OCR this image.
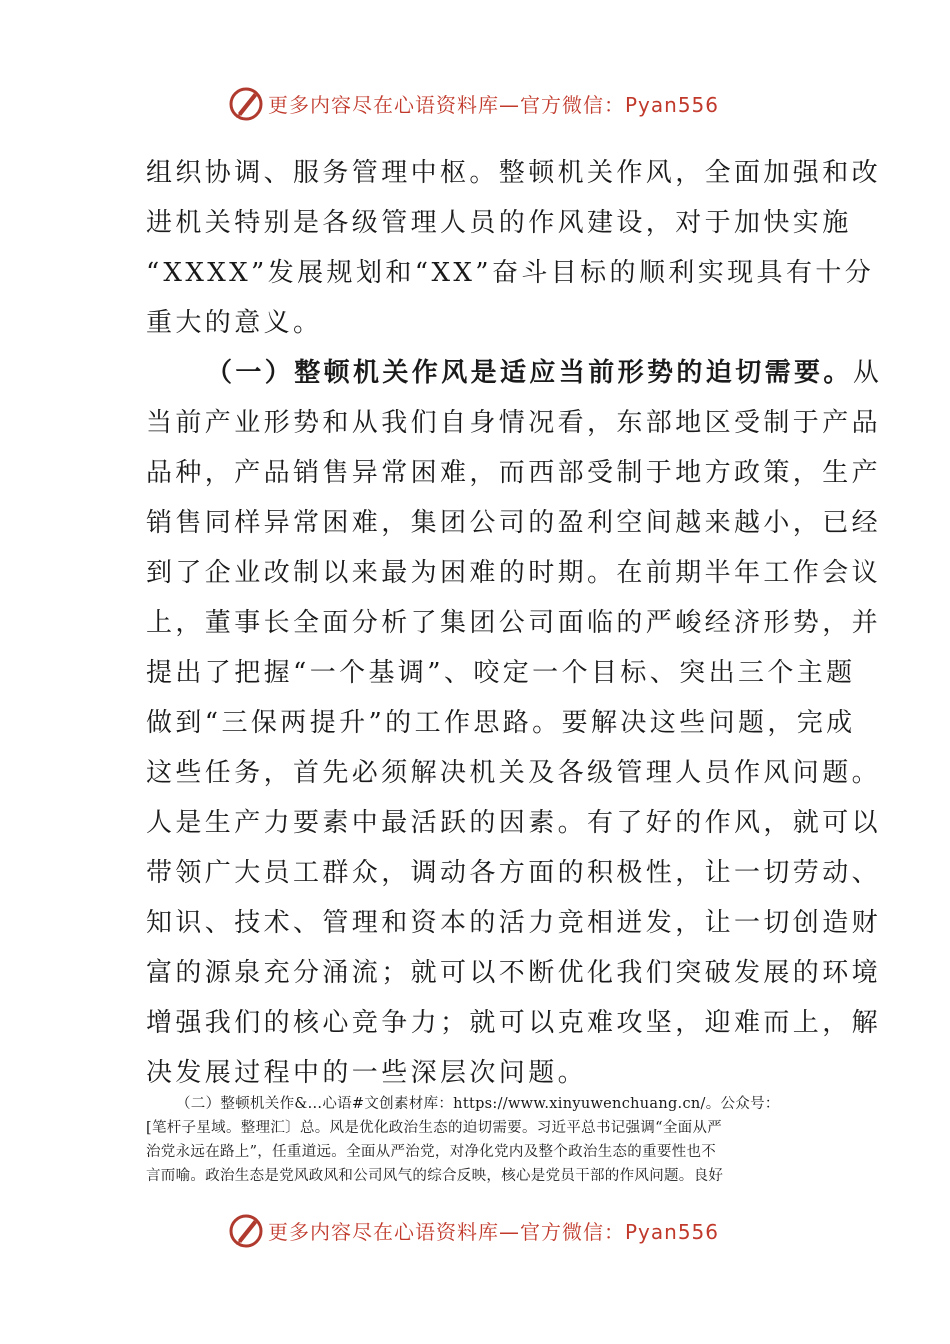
更多内容尽在心语资料库—官方微信：Pyan556
组织协调、服务管理中枢。整顿机关作风，全面加强和改
进机关特别是各级管理人员的作风建设，对于加快实施
“XXXX”发展规划和“XX”奋斗目标的顺利实现具有十分
重大的意义。
（一）整顿机关作风是适应当前形势的迫切需要。从
当前产业形势和从我们自身情况看，东部地区受制于产品
品种，产品销售异常困难，而西部受制于地方政策，生产
销售同样异常困难，集团公司的盈利空间越来越小，已经
到了企业改制以来最为困难的时期。在前期半年工作会议
上，董事长全面分析了集团公司面临的严峻经济形势，并
提出了把握“一个基调”、咬定一个目标、突出三个主题
做到“三保两提升”的工作思路。要解决这些问题，完成
这些任务，首先必须解决机关及各级管理人员作风问题。
人是生产力要素中最活跃的因素。有了好的作风，就可以
带领广大员工群众，调动各方面的积极性，让一切劳动、
知识、技术、管理和资本的活力竞相迸发，让一切创造财
富的源泉充分涌流；就可以不断优化我们突破发展的环境
增强我们的核心竞争力；就可以克难攻坚，迎难而上，解
决发展过程中的一些深层次问题。
（二）整顿机关作&...心语#文创素材库：https://www.xinyuwenchuang.cn/。公众号：
[笔杆子星域。整理汇〕总。风是优化政治生态的迫切需要。习近平总书记强调“全面从严
治党永远在路上”，任重道远。全面从严治党，对净化党内及整个政治生态的重要性也不
言而喻。政治生态是党风政风和公司风气的综合反映，核心是党员干部的作风问题。良好
更多内容尽在心语资料库—官方微信：Pyan556
